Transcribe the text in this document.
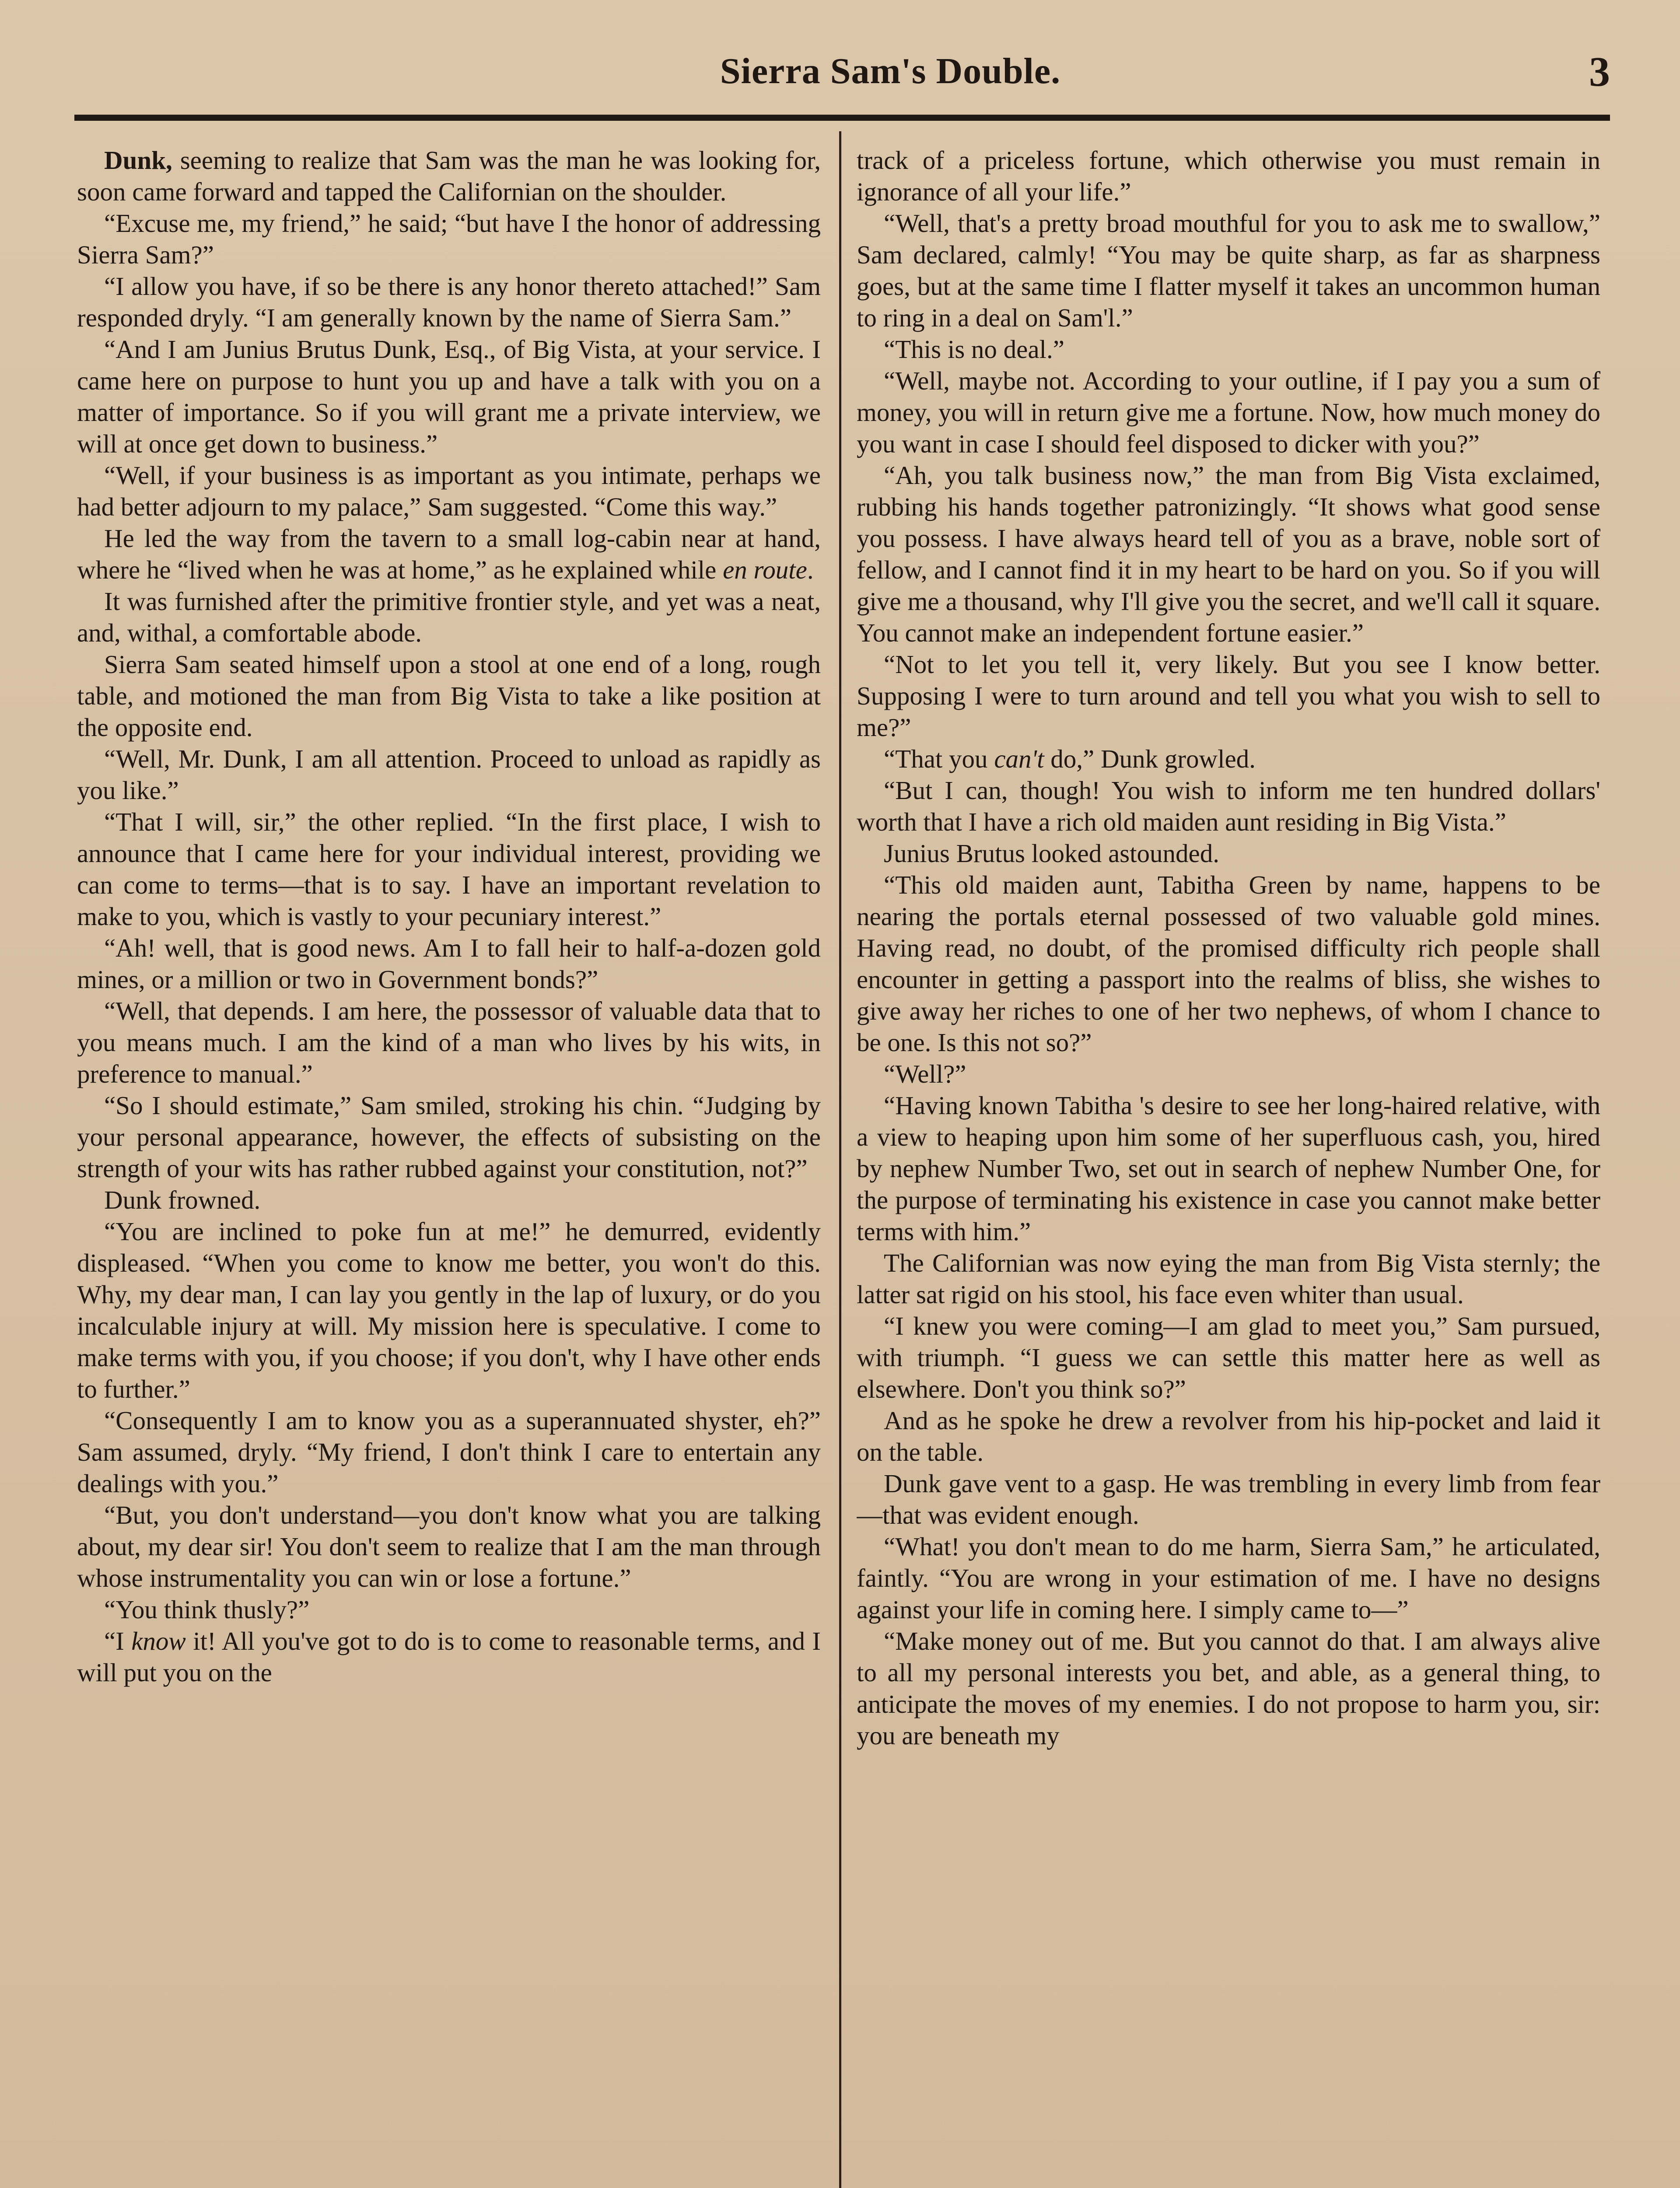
Sierra Sam's Double.	3

Dunk, seeming to realize that Sam was the man he was looking for, soon came forward and tapped the Californian on the shoulder.

“Excuse me, my friend,” he said; “but have I the honor of addressing Sierra Sam?”

“I allow you have, if so be there is any honor thereto attached!” Sam responded dryly. “I am generally known by the name of Sierra Sam.”

“And I am Junius Brutus Dunk, Esq., of Big Vista, at your service. I came here on purpose to hunt you up and have a talk with you on a matter of importance. So if you will grant me a private interview, we will at once get down to business.”

“Well, if your business is as important as you intimate, perhaps we had better adjourn to my palace,” Sam suggested. “Come this way.”

He led the way from the tavern to a small log-cabin near at hand, where he “lived when he was at home,” as he explained while en route.

It was furnished after the primitive frontier style, and yet was a neat, and, withal, a comfortable abode.

Sierra Sam seated himself upon a stool at one end of a long, rough table, and motioned the man from Big Vista to take a like position at the opposite end.

“Well, Mr. Dunk, I am all attention. Proceed to unload as rapidly as you like.”

“That I will, sir,” the other replied. “In the first place, I wish to announce that I came here for your individual interest, providing we can come to terms—that is to say. I have an important revelation to make to you, which is vastly to your pecuniary interest.”

“Ah! well, that is good news. Am I to fall heir to half-a-dozen gold mines, or a million or two in Government bonds?”

“Well, that depends. I am here, the possessor of valuable data that to you means much. I am the kind of a man who lives by his wits, in preference to manual.”

“So I should estimate,” Sam smiled, stroking his chin. “Judging by your personal appearance, however, the effects of subsisting on the strength of your wits has rather rubbed against your constitution, not?”

Dunk frowned.

“You are inclined to poke fun at me!” he demurred, evidently displeased. “When you come to know me better, you won't do this. Why, my dear man, I can lay you gently in the lap of luxury, or do you incalculable injury at will. My mission here is speculative. I come to make terms with you, if you choose; if you don't, why I have other ends to further.”

“Consequently I am to know you as a superannuated shyster, eh?” Sam assumed, dryly. “My friend, I don't think I care to entertain any dealings with you.”

“But, you don't understand—you don't know what you are talking about, my dear sir! You don't seem to realize that I am the man through whose instrumentality you can win or lose a fortune.”

“You think thusly?”

“I know it! All you've got to do is to come to reasonable terms, and I will put you on the

track of a priceless fortune, which otherwise you must remain in ignorance of all your life.”

“Well, that's a pretty broad mouthful for you to ask me to swallow,” Sam declared, calmly! “You may be quite sharp, as far as sharpness goes, but at the same time I flatter myself it takes an uncommon human to ring in a deal on Sam'l.”

“This is no deal.”

“Well, maybe not. According to your outline, if I pay you a sum of money, you will in return give me a fortune. Now, how much money do you want in case I should feel disposed to dicker with you?”

“Ah, you talk business now,” the man from Big Vista exclaimed, rubbing his hands together patronizingly. “It shows what good sense you possess. I have always heard tell of you as a brave, noble sort of fellow, and I cannot find it in my heart to be hard on you. So if you will give me a thousand, why I'll give you the secret, and we'll call it square. You cannot make an independent fortune easier.”

“Not to let you tell it, very likely. But you see I know better. Supposing I were to turn around and tell you what you wish to sell to me?”

“That you can't do,” Dunk growled.

“But I can, though! You wish to inform me ten hundred dollars' worth that I have a rich old maiden aunt residing in Big Vista.”

Junius Brutus looked astounded.

“This old maiden aunt, Tabitha Green by name, happens to be nearing the portals eternal possessed of two valuable gold mines. Having read, no doubt, of the promised difficulty rich people shall encounter in getting a passport into the realms of bliss, she wishes to give away her riches to one of her two nephews, of whom I chance to be one. Is this not so?”

“Well?”

“Having known Tabitha 's desire to see her long-haired relative, with a view to heaping upon him some of her superfluous cash, you, hired by nephew Number Two, set out in search of nephew Number One, for the purpose of terminating his existence in case you cannot make better terms with him.”

The Californian was now eying the man from Big Vista sternly; the latter sat rigid on his stool, his face even whiter than usual.

“I knew you were coming—I am glad to meet you,” Sam pursued, with triumph. “I guess we can settle this matter here as well as elsewhere. Don't you think so?”

And as he spoke he drew a revolver from his hip-pocket and laid it on the table.

Dunk gave vent to a gasp. He was trembling in every limb from fear—that was evident enough.

“What! you don't mean to do me harm, Sierra Sam,” he articulated, faintly. “You are wrong in your estimation of me. I have no designs against your life in coming here. I simply came to—”

“Make money out of me. But you cannot do that. I am always alive to all my personal interests you bet, and able, as a general thing, to anticipate the moves of my enemies. I do not propose to harm you, sir: you are beneath my
